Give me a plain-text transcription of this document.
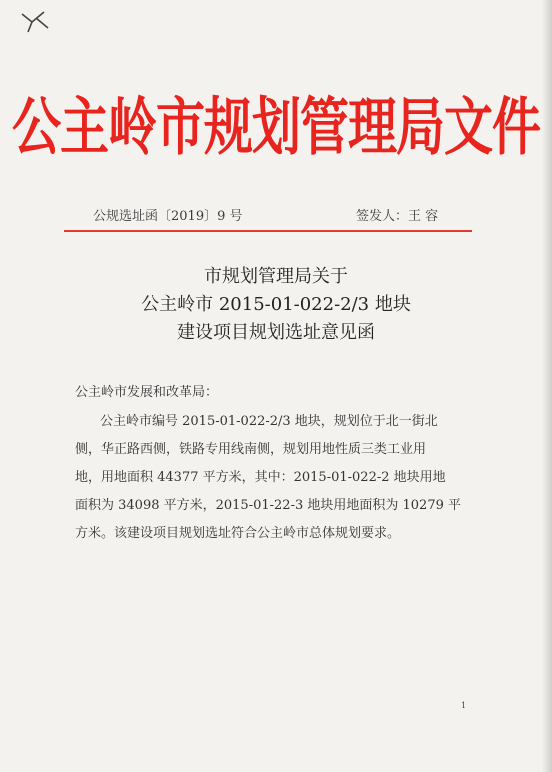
公主岭市规划管理局文件
公规选址函〔2019〕9 号	签发人：王 容
市规划管理局关于
公主岭市 2015-01-022-2/3 地块
建设项目规划选址意见函
公主岭市发展和改革局：
公主岭市编号 2015-01-022-2/3 地块，规划位于北一街北
侧，华正路西侧，铁路专用线南侧，规划用地性质三类工业用
地，用地面积 44377 平方米，其中：2015-01-022-2 地块用地
面积为 34098 平方米，2015-01-22-3 地块用地面积为 10279 平
方米。该建设项目规划选址符合公主岭市总体规划要求。
1
